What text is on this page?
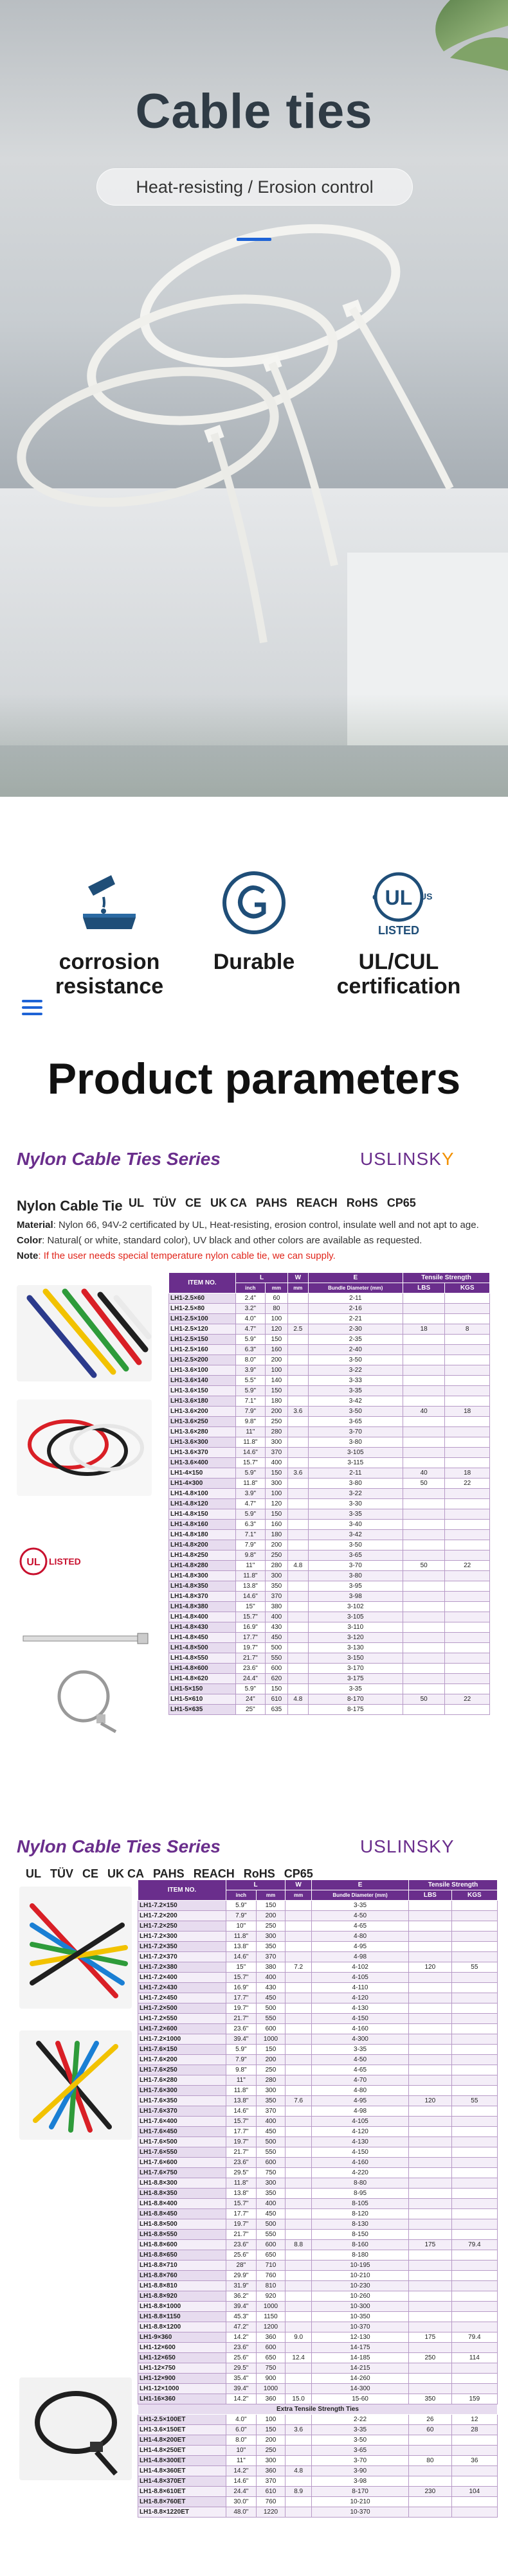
Cable ties
Heat-resisting / Erosion control
corrosion
resistance
Durable
UL
c	US
LISTED
UL/CUL
certification
Product parameters
Nylon Cable Ties Series	USLINSKY
Nylon Cable Tie UL TÜV CE UK CA PAHS REACH RoHS CP65
Material: Nylon 66, 94V-2 certificated by UL, Heat-resisting, erosion control, insulate well and not apt to age.
Color: Natural( or white, standard color), UV black and other colors are available as requested.
Note: If the user needs special temperature nylon cable tie, we can supply.
UL LISTED
ITEM NO.	L		W	E	Tensile Strength	
	inch	mm	mm	Bundle Diameter (mm)	LBS	KGS
LH1-2.5×60	2.4"	60		2-11		
LH1-2.5×80	3.2"	80		2-16		
LH1-2.5×100	4.0"	100		2-21		
LH1-2.5×120	4.7"	120	2.5	2-30	18	8
LH1-2.5×150	5.9"	150		2-35		
LH1-2.5×160	6.3"	160		2-40		
LH1-2.5×200	8.0"	200		3-50		
LH1-3.6×100	3.9"	100		3-22		
LH1-3.6×140	5.5"	140		3-33		
LH1-3.6×150	5.9"	150		3-35		
LH1-3.6×180	7.1"	180		3-42		
LH1-3.6×200	7.9"	200	3.6	3-50	40	18
LH1-3.6×250	9.8"	250		3-65		
LH1-3.6×280	11"	280		3-70		
LH1-3.6×300	11.8"	300		3-80		
LH1-3.6×370	14.6"	370		3-105		
LH1-3.6×400	15.7"	400		3-115		
LH1-4×150	5.9"	150	3.6	2-11	40	18
LH1-4×300	11.8"	300		3-80	50	22
LH1-4.8×100	3.9"	100		3-22		
LH1-4.8×120	4.7"	120		3-30		
LH1-4.8×150	5.9"	150		3-35		
LH1-4.8×160	6.3"	160		3-40		
LH1-4.8×180	7.1"	180		3-42		
LH1-4.8×200	7.9"	200		3-50		
LH1-4.8×250	9.8"	250		3-65		
LH1-4.8×280	11"	280	4.8	3-70	50	22
LH1-4.8×300	11.8"	300		3-80		
LH1-4.8×350	13.8"	350		3-95		
LH1-4.8×370	14.6"	370		3-98		
LH1-4.8×380	15"	380		3-102		
LH1-4.8×400	15.7"	400		3-105		
LH1-4.8×430	16.9"	430		3-110		
LH1-4.8×450	17.7"	450		3-120		
LH1-4.8×500	19.7"	500		3-130		
LH1-4.8×550	21.7"	550		3-150		
LH1-4.8×600	23.6"	600		3-170		
LH1-4.8×620	24.4"	620		3-175		
LH1-5×150	5.9"	150		3-35		
LH1-5×610	24"	610	4.8	8-170	50	22
LH1-5×635	25"	635		8-175		
Nylon Cable Ties Series	USLINSKY
UL TÜV CE UK CA PAHS REACH RoHS CP65
ITEM NO.	L		W	E	Tensile Strength	
	inch	mm	mm	Bundle Diameter (mm)	LBS	KGS
LH1-7.2×150	5.9"	150		3-35		
LH1-7.2×200	7.9"	200		4-50		
LH1-7.2×250	10"	250		4-65		
LH1-7.2×300	11.8"	300		4-80		
LH1-7.2×350	13.8"	350		4-95		
LH1-7.2×370	14.6"	370		4-98		
LH1-7.2×380	15"	380	7.2	4-102	120	55
LH1-7.2×400	15.7"	400		4-105		
LH1-7.2×430	16.9"	430		4-110		
LH1-7.2×450	17.7"	450		4-120		
LH1-7.2×500	19.7"	500		4-130		
LH1-7.2×550	21.7"	550		4-150		
LH1-7.2×600	23.6"	600		4-160		
LH1-7.2×1000	39.4"	1000		4-300		
LH1-7.6×150	5.9"	150		3-35		
LH1-7.6×200	7.9"	200		4-50		
LH1-7.6×250	9.8"	250		4-65		
LH1-7.6×280	11"	280		4-70		
LH1-7.6×300	11.8"	300		4-80		
LH1-7.6×350	13.8"	350	7.6	4-95	120	55
LH1-7.6×370	14.6"	370		4-98		
LH1-7.6×400	15.7"	400		4-105		
LH1-7.6×450	17.7"	450		4-120		
LH1-7.6×500	19.7"	500		4-130		
LH1-7.6×550	21.7"	550		4-150		
LH1-7.6×600	23.6"	600		4-160		
LH1-7.6×750	29.5"	750		4-220		
LH1-8.8×300	11.8"	300		8-80		
LH1-8.8×350	13.8"	350		8-95		
LH1-8.8×400	15.7"	400		8-105		
LH1-8.8×450	17.7"	450		8-120		
LH1-8.8×500	19.7"	500		8-130		
LH1-8.8×550	21.7"	550		8-150		
LH1-8.8×600	23.6"	600	8.8	8-160	175	79.4
LH1-8.8×650	25.6"	650		8-180		
LH1-8.8×710	28"	710		10-195		
LH1-8.8×760	29.9"	760		10-210		
LH1-8.8×810	31.9"	810		10-230		
LH1-8.8×920	36.2"	920		10-260		
LH1-8.8×1000	39.4"	1000		10-300		
LH1-8.8×1150	45.3"	1150		10-350		
LH1-8.8×1200	47.2"	1200		10-370		
LH1-9×360	14.2"	360	9.0	12-130	175	79.4
LH1-12×600	23.6"	600		14-175		
LH1-12×650	25.6"	650	12.4	14-185	250	114
LH1-12×750	29.5"	750		14-215		
LH1-12×900	35.4"	900		14-260		
LH1-12×1000	39.4"	1000		14-300		
LH1-16×360	14.2"	360	15.0	15-60	350	159
Extra Tensile Strength Ties						
LH1-2.5×100ET	4.0"	100		2-22	26	12
LH1-3.6×150ET	6.0"	150	3.6	3-35	60	28
LH1-4.8×200ET	8.0"	200		3-50		
LH1-4.8×250ET	10"	250		3-65		
LH1-4.8×300ET	11"	300		3-70	80	36
LH1-4.8×360ET	14.2"	360	4.8	3-90		
LH1-4.8×370ET	14.6"	370		3-98		
LH1-8.8×610ET	24.4"	610	8.9	8-170	230	104
LH1-8.8×760ET	30.0"	760		10-210		
LH1-8.8×1220ET	48.0"	1220		10-370		
